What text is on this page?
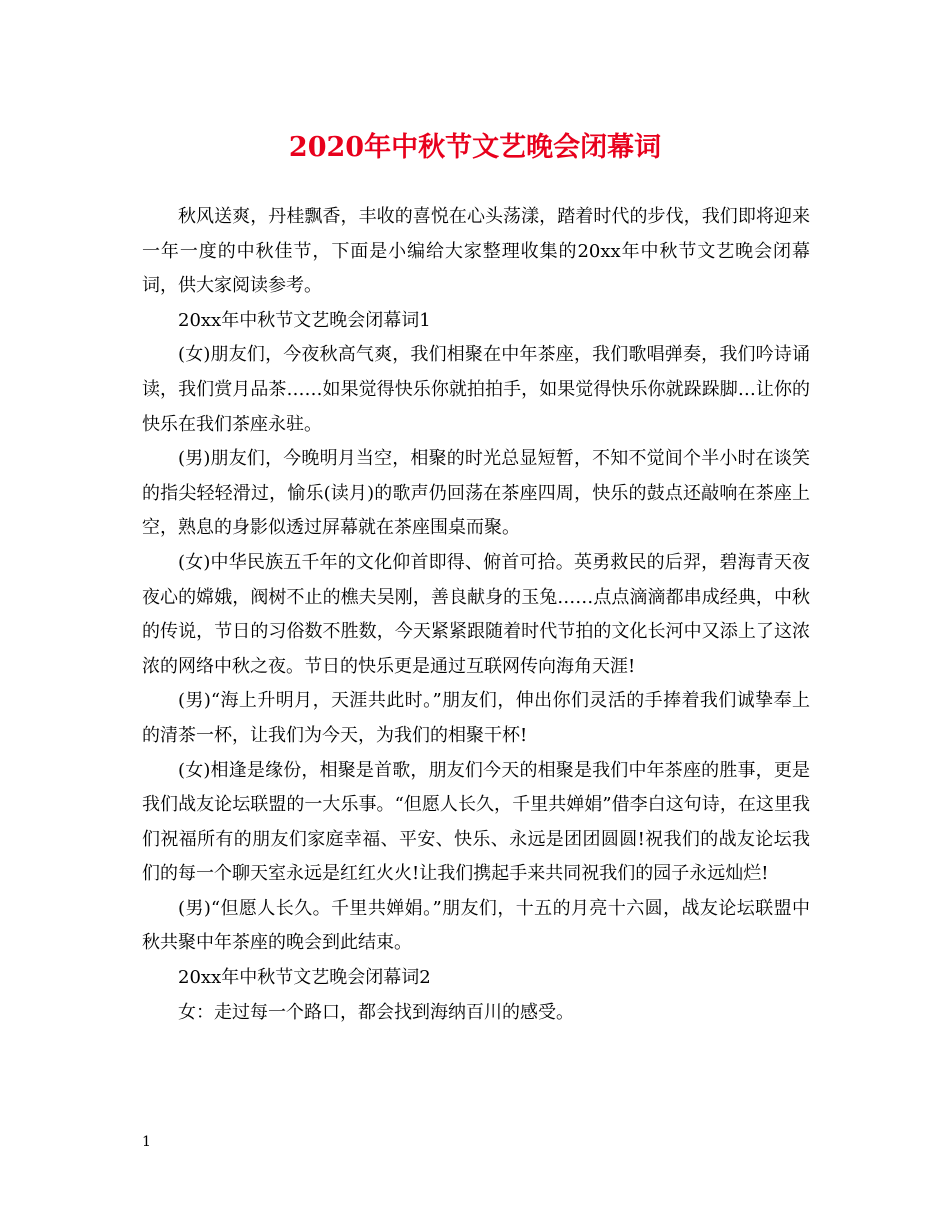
2020年中秋节文艺晚会闭幕词

秋风送爽，丹桂飘香，丰收的喜悦在心头荡漾，踏着时代的步伐，我们即将迎来一年一度的中秋佳节，下面是小编给大家整理收集的20xx年中秋节文艺晚会闭幕词，供大家阅读参考。

20xx年中秋节文艺晚会闭幕词1

(女)朋友们，今夜秋高气爽，我们相聚在中年茶座，我们歌唱弹奏，我们吟诗诵读，我们赏月品茶……如果觉得快乐你就拍拍手，如果觉得快乐你就跺跺脚…让你的快乐在我们茶座永驻。

(男)朋友们，今晚明月当空，相聚的时光总显短暂，不知不觉间个半小时在谈笑的指尖轻轻滑过，愉乐(读月)的歌声仍回荡在茶座四周，快乐的鼓点还敲响在茶座上空，熟息的身影似透过屏幕就在茶座围桌而聚。

(女)中华民族五千年的文化仰首即得、俯首可拾。英勇救民的后羿，碧海青天夜夜心的嫦娥，阀树不止的樵夫吴刚，善良献身的玉兔……点点滴滴都串成经典，中秋的传说，节日的习俗数不胜数，今天紧紧跟随着时代节拍的文化长河中又添上了这浓浓的网络中秋之夜。节日的快乐更是通过互联网传向海角天涯!

(男)“海上升明月，天涯共此时。”朋友们，伸出你们灵活的手捧着我们诚挚奉上的清茶一杯，让我们为今天，为我们的相聚干杯!

(女)相逢是缘份，相聚是首歌，朋友们今天的相聚是我们中年茶座的胜事，更是我们战友论坛联盟的一大乐事。“但愿人长久，千里共婵娟”借李白这句诗，在这里我们祝福所有的朋友们家庭幸福、平安、快乐、永远是团团圆圆!祝我们的战友论坛我们的每一个聊天室永远是红红火火!让我们携起手来共同祝我们的园子永远灿烂!

(男)“但愿人长久。千里共婵娟。”朋友们，十五的月亮十六圆，战友论坛联盟中秋共聚中年茶座的晚会到此结束。

20xx年中秋节文艺晚会闭幕词2

女：走过每一个路口，都会找到海纳百川的感受。

1
